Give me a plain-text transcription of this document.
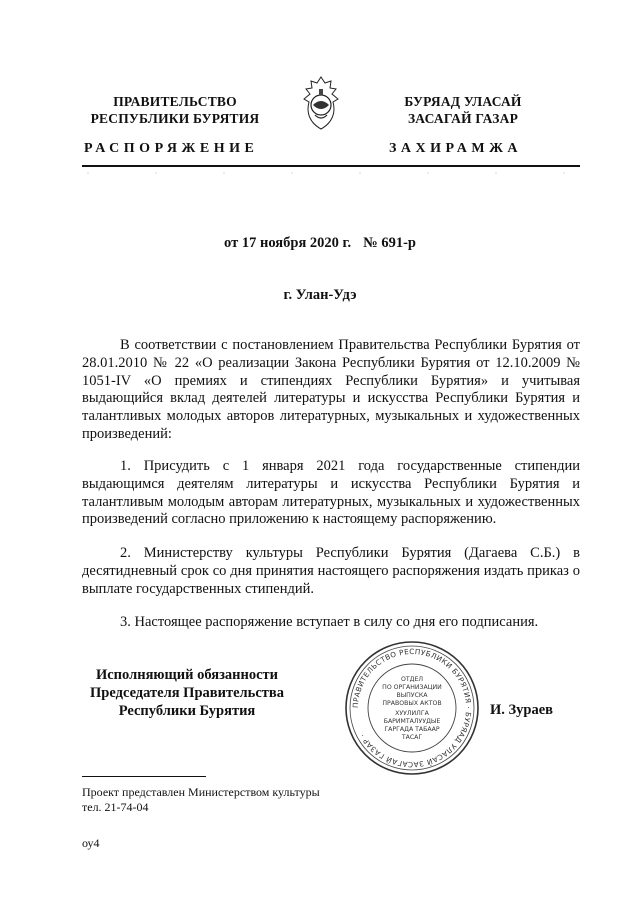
ПРАВИТЕЛЬСТВО
РЕСПУБЛИКИ БУРЯТИЯ
БУРЯАД УЛАСАЙ
ЗАСАГАЙ ГАЗАР
РАСПОРЯЖЕНИЕ	ЗАХИРАМЖА
от 17 ноября 2020 г. № 691-р
г. Улан-Удэ
В соответствии с постановлением Правительства Республики Бурятия от 28.01.2010 № 22 «О реализации Закона Республики Бурятия от 12.10.2009 № 1051-IV «О премиях и стипендиях Республики Бурятия» и учитывая выдающийся вклад деятелей литературы и искусства Республики Бурятия и талантливых молодых авторов литературных, музыкальных и художественных произведений:
1. Присудить с 1 января 2021 года государственные стипендии выдающимся деятелям литературы и искусства Республики Бурятия и талантливым молодым авторам литературных, музыкальных и художественных произведений согласно приложению к настоящему распоряжению.
2. Министерству культуры Республики Бурятия (Дагаева С.Б.) в десятидневный срок со дня принятия настоящего распоряжения издать приказ о выплате государственных стипендий.
3. Настоящее распоряжение вступает в силу со дня его подписания.
Исполняющий обязанности
Председателя Правительства
Республики Бурятия	ПРАВИТЕЛЬСТВО РЕСПУБЛИКИ БУРЯТИЯ · БУРЯАД УЛАСАЙ ЗАСАГАЙ ГАЗАР ·
ОТДЕЛ
ПО ОРГАНИЗАЦИИ
ВЫПУСКА
ПРАВОВЫХ АКТОВ
ХУУЛИЛГА
БАРИМТАЛУУДЫЕ
ГАРГАДА ТАБААР
ТАСАГ
И. Зураев
Проект представлен Министерством культуры
тел. 21-74-04
оу4
